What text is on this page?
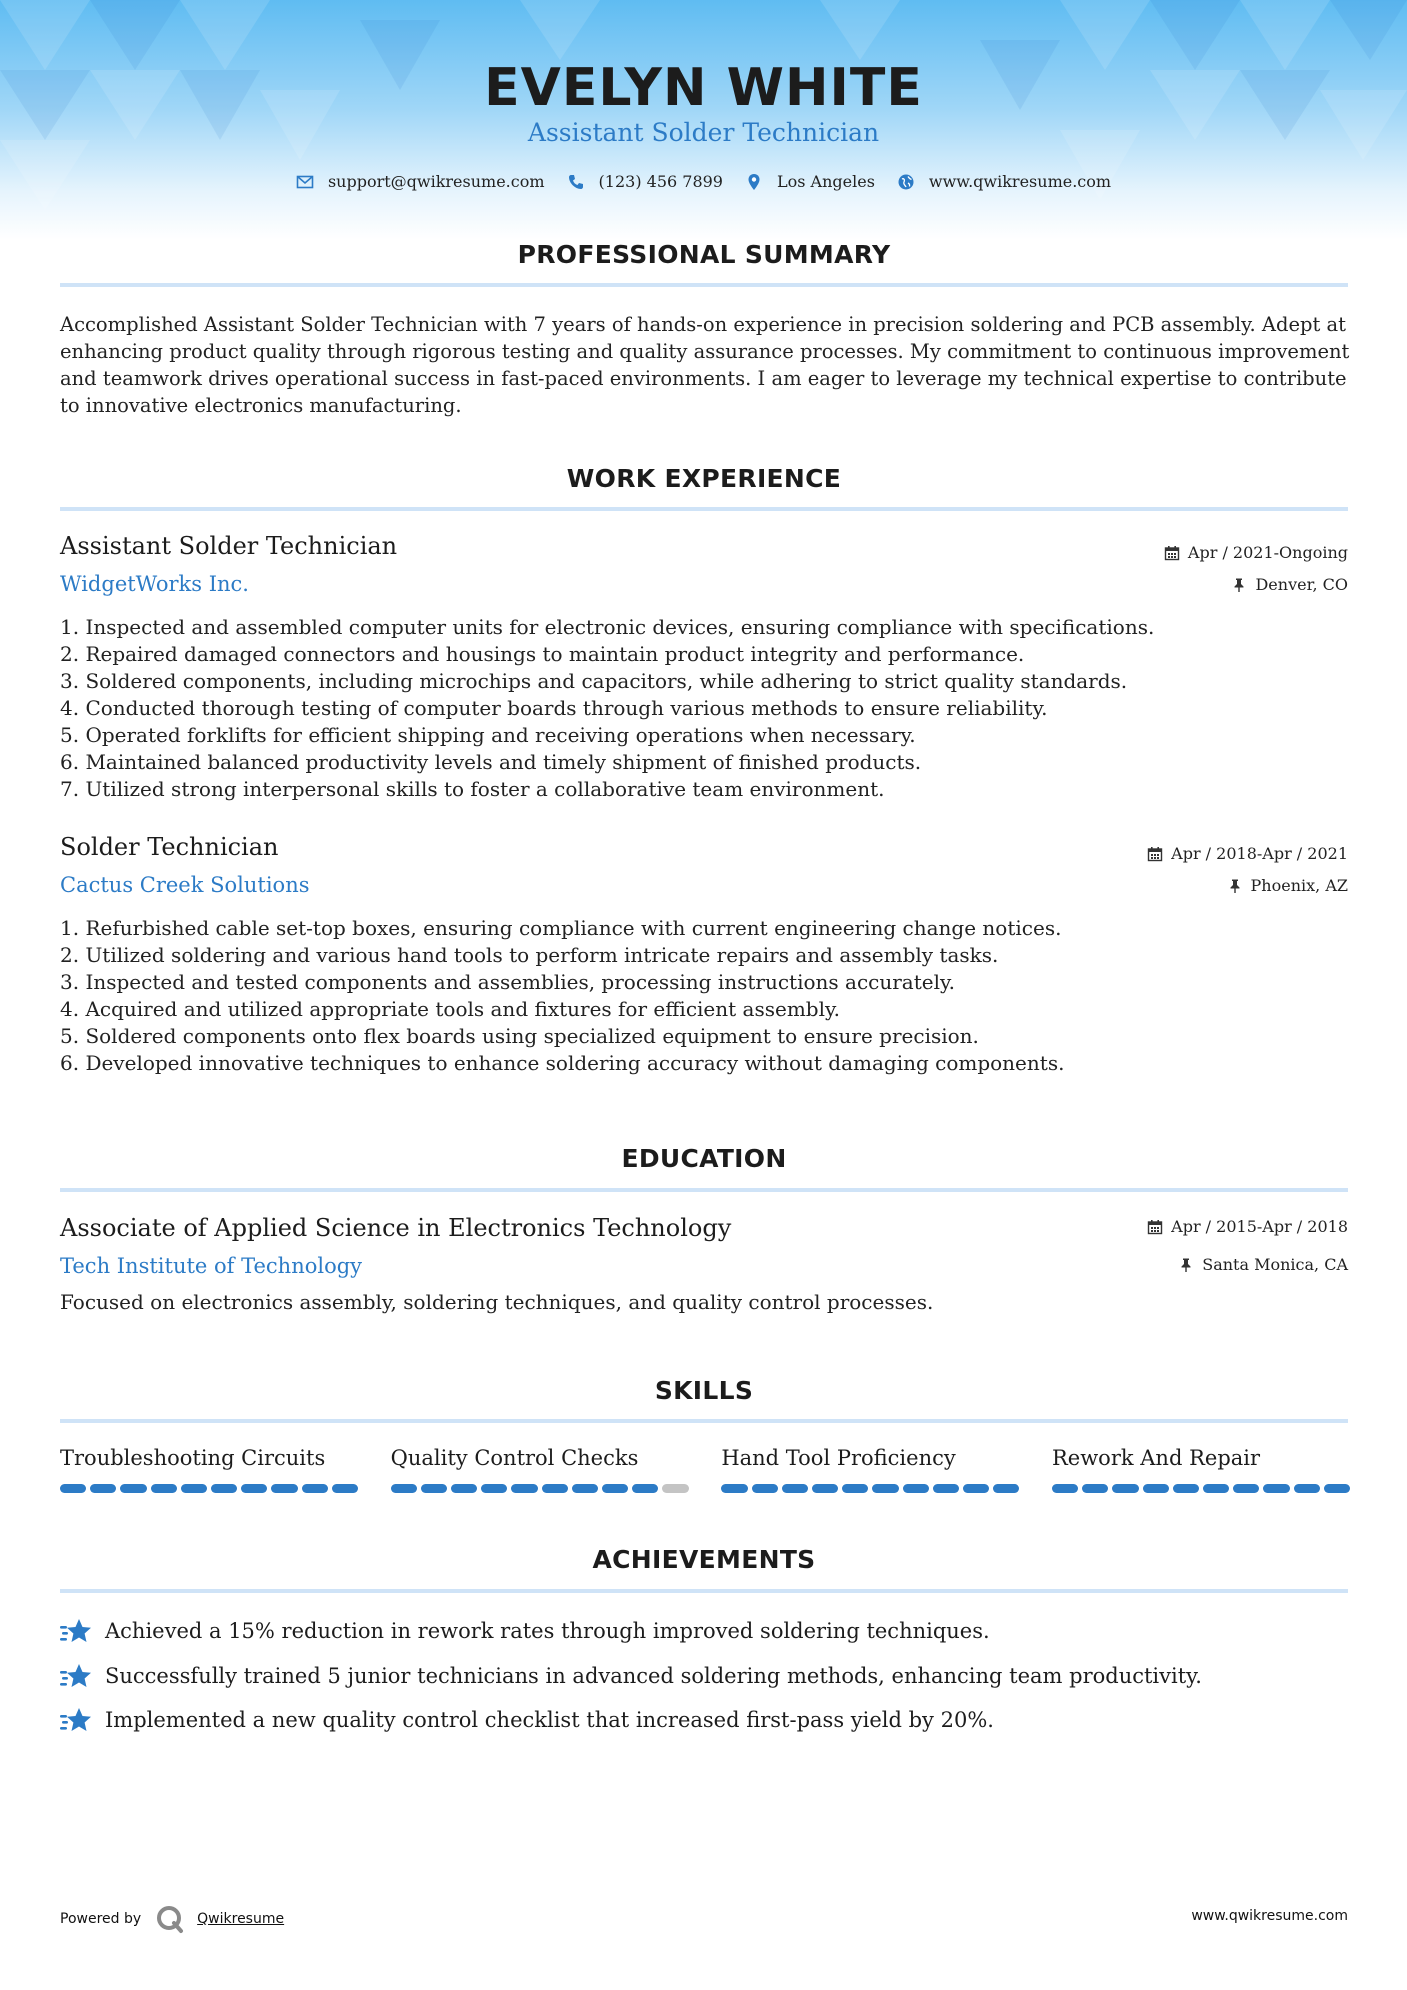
EVELYN WHITE
Assistant Solder Technician
support@qwikresume.com	(123) 456 7899	Los Angeles	www.qwikresume.com
PROFESSIONAL SUMMARY
Accomplished Assistant Solder Technician with 7 years of hands-on experience in precision soldering and PCB assembly. Adept at enhancing product quality through rigorous testing and quality assurance processes. My commitment to continuous improvement and teamwork drives operational success in fast-paced environments. I am eager to leverage my technical expertise to contribute to innovative electronics manufacturing.
WORK EXPERIENCE
Assistant Solder Technician
WidgetWorks Inc.
Apr / 2021-Ongoing
Denver, CO
1. Inspected and assembled computer units for electronic devices, ensuring compliance with specifications.
2. Repaired damaged connectors and housings to maintain product integrity and performance.
3. Soldered components, including microchips and capacitors, while adhering to strict quality standards.
4. Conducted thorough testing of computer boards through various methods to ensure reliability.
5. Operated forklifts for efficient shipping and receiving operations when necessary.
6. Maintained balanced productivity levels and timely shipment of finished products.
7. Utilized strong interpersonal skills to foster a collaborative team environment.
Solder Technician
Cactus Creek Solutions
Apr / 2018-Apr / 2021
Phoenix, AZ
1. Refurbished cable set-top boxes, ensuring compliance with current engineering change notices.
2. Utilized soldering and various hand tools to perform intricate repairs and assembly tasks.
3. Inspected and tested components and assemblies, processing instructions accurately.
4. Acquired and utilized appropriate tools and fixtures for efficient assembly.
5. Soldered components onto flex boards using specialized equipment to ensure precision.
6. Developed innovative techniques to enhance soldering accuracy without damaging components.
EDUCATION
Associate of Applied Science in Electronics Technology
Tech Institute of Technology
Apr / 2015-Apr / 2018
Santa Monica, CA
Focused on electronics assembly, soldering techniques, and quality control processes.
SKILLS
Troubleshooting Circuits	Quality Control Checks	Hand Tool Proficiency	Rework And Repair
ACHIEVEMENTS
Achieved a 15% reduction in rework rates through improved soldering techniques.
Successfully trained 5 junior technicians in advanced soldering methods, enhancing team productivity.
Implemented a new quality control checklist that increased first-pass yield by 20%.
Powered by	Qwikresume	www.qwikresume.com
